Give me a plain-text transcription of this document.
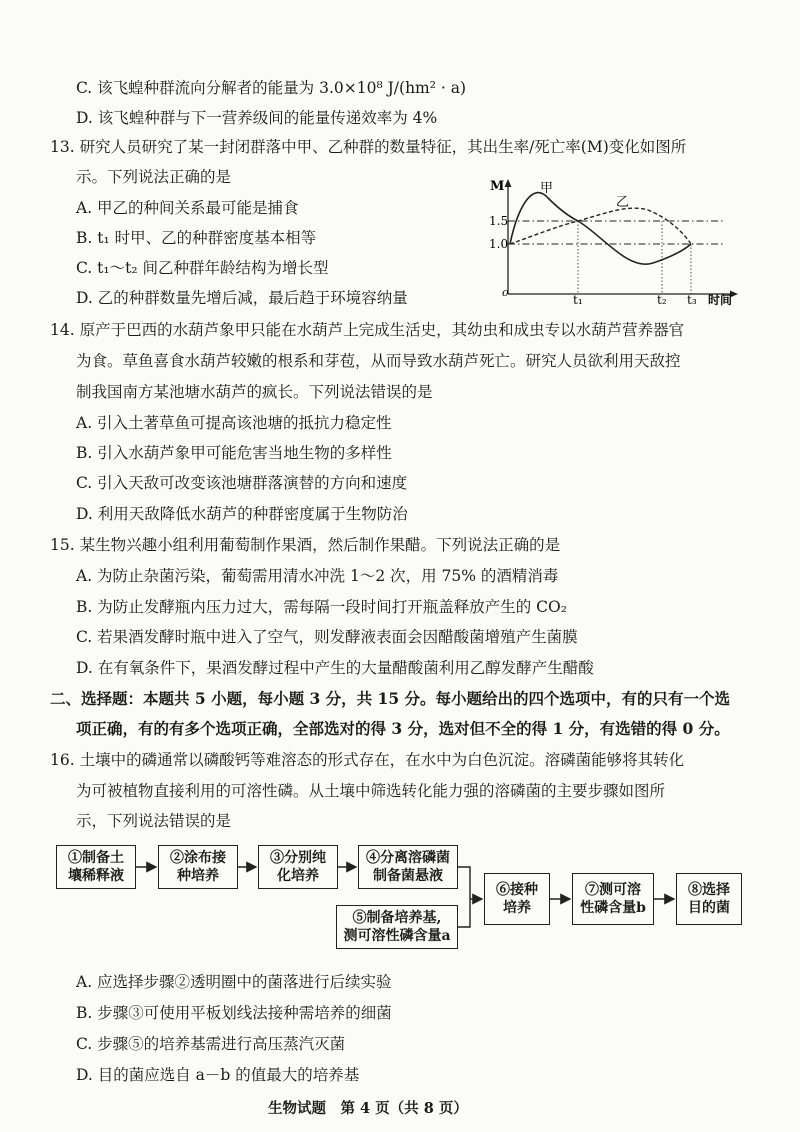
C. 该飞蝗种群流向分解者的能量为 3.0×10⁸ J/(hm² · a)
D. 该飞蝗种群与下一营养级间的能量传递效率为 4%
13. 研究人员研究了某一封闭群落中甲、乙种群的数量特征，其出生率/死亡率(M)变化如图所
示。下列说法正确的是
A. 甲乙的种间关系最可能是捕食
B. t₁ 时甲、乙的种群密度基本相等
C. t₁～t₂ 间乙种群年龄结构为增长型
D. 乙的种群数量先增后减，最后趋于环境容纳量
M	甲
乙
1.5
1.0
o
t₁	t₂ t₃ 时间
14. 原产于巴西的水葫芦象甲只能在水葫芦上完成生活史，其幼虫和成虫专以水葫芦营养器官
为食。草鱼喜食水葫芦较嫩的根系和芽苞，从而导致水葫芦死亡。研究人员欲利用天敌控
制我国南方某池塘水葫芦的疯长。下列说法错误的是
A. 引入土著草鱼可提高该池塘的抵抗力稳定性
B. 引入水葫芦象甲可能危害当地生物的多样性
C. 引入天敌可改变该池塘群落演替的方向和速度
D. 利用天敌降低水葫芦的种群密度属于生物防治
15. 某生物兴趣小组利用葡萄制作果酒，然后制作果醋。下列说法正确的是
A. 为防止杂菌污染，葡萄需用清水冲洗 1～2 次，用 75% 的酒精消毒
B. 为防止发酵瓶内压力过大，需每隔一段时间打开瓶盖释放产生的 CO₂
C. 若果酒发酵时瓶中进入了空气，则发酵液表面会因醋酸菌增殖产生菌膜
D. 在有氧条件下，果酒发酵过程中产生的大量醋酸菌利用乙醇发酵产生醋酸
二、选择题：本题共 5 小题，每小题 3 分，共 15 分。每小题给出的四个选项中，有的只有一个选
项正确，有的有多个选项正确，全部选对的得 3 分，选对但不全的得 1 分，有选错的得 0 分。
16. 土壤中的磷通常以磷酸钙等难溶态的形式存在，在水中为白色沉淀。溶磷菌能够将其转化
为可被植物直接利用的可溶性磷。从土壤中筛选转化能力强的溶磷菌的主要步骤如图所
示，下列说法错误的是
①制备土
壤稀释液
②涂布接
种培养
③分别纯
化培养
④分离溶磷菌
制备菌悬液
⑤制备培养基,
测可溶性磷含量a
⑥接种
培养
⑦测可溶
性磷含量b
⑧选择
目的菌
A. 应选择步骤②透明圈中的菌落进行后续实验
B. 步骤③可使用平板划线法接种需培养的细菌
C. 步骤⑤的培养基需进行高压蒸汽灭菌
D. 目的菌应选自 a－b 的值最大的培养基
生物试题　第 4 页（共 8 页）
